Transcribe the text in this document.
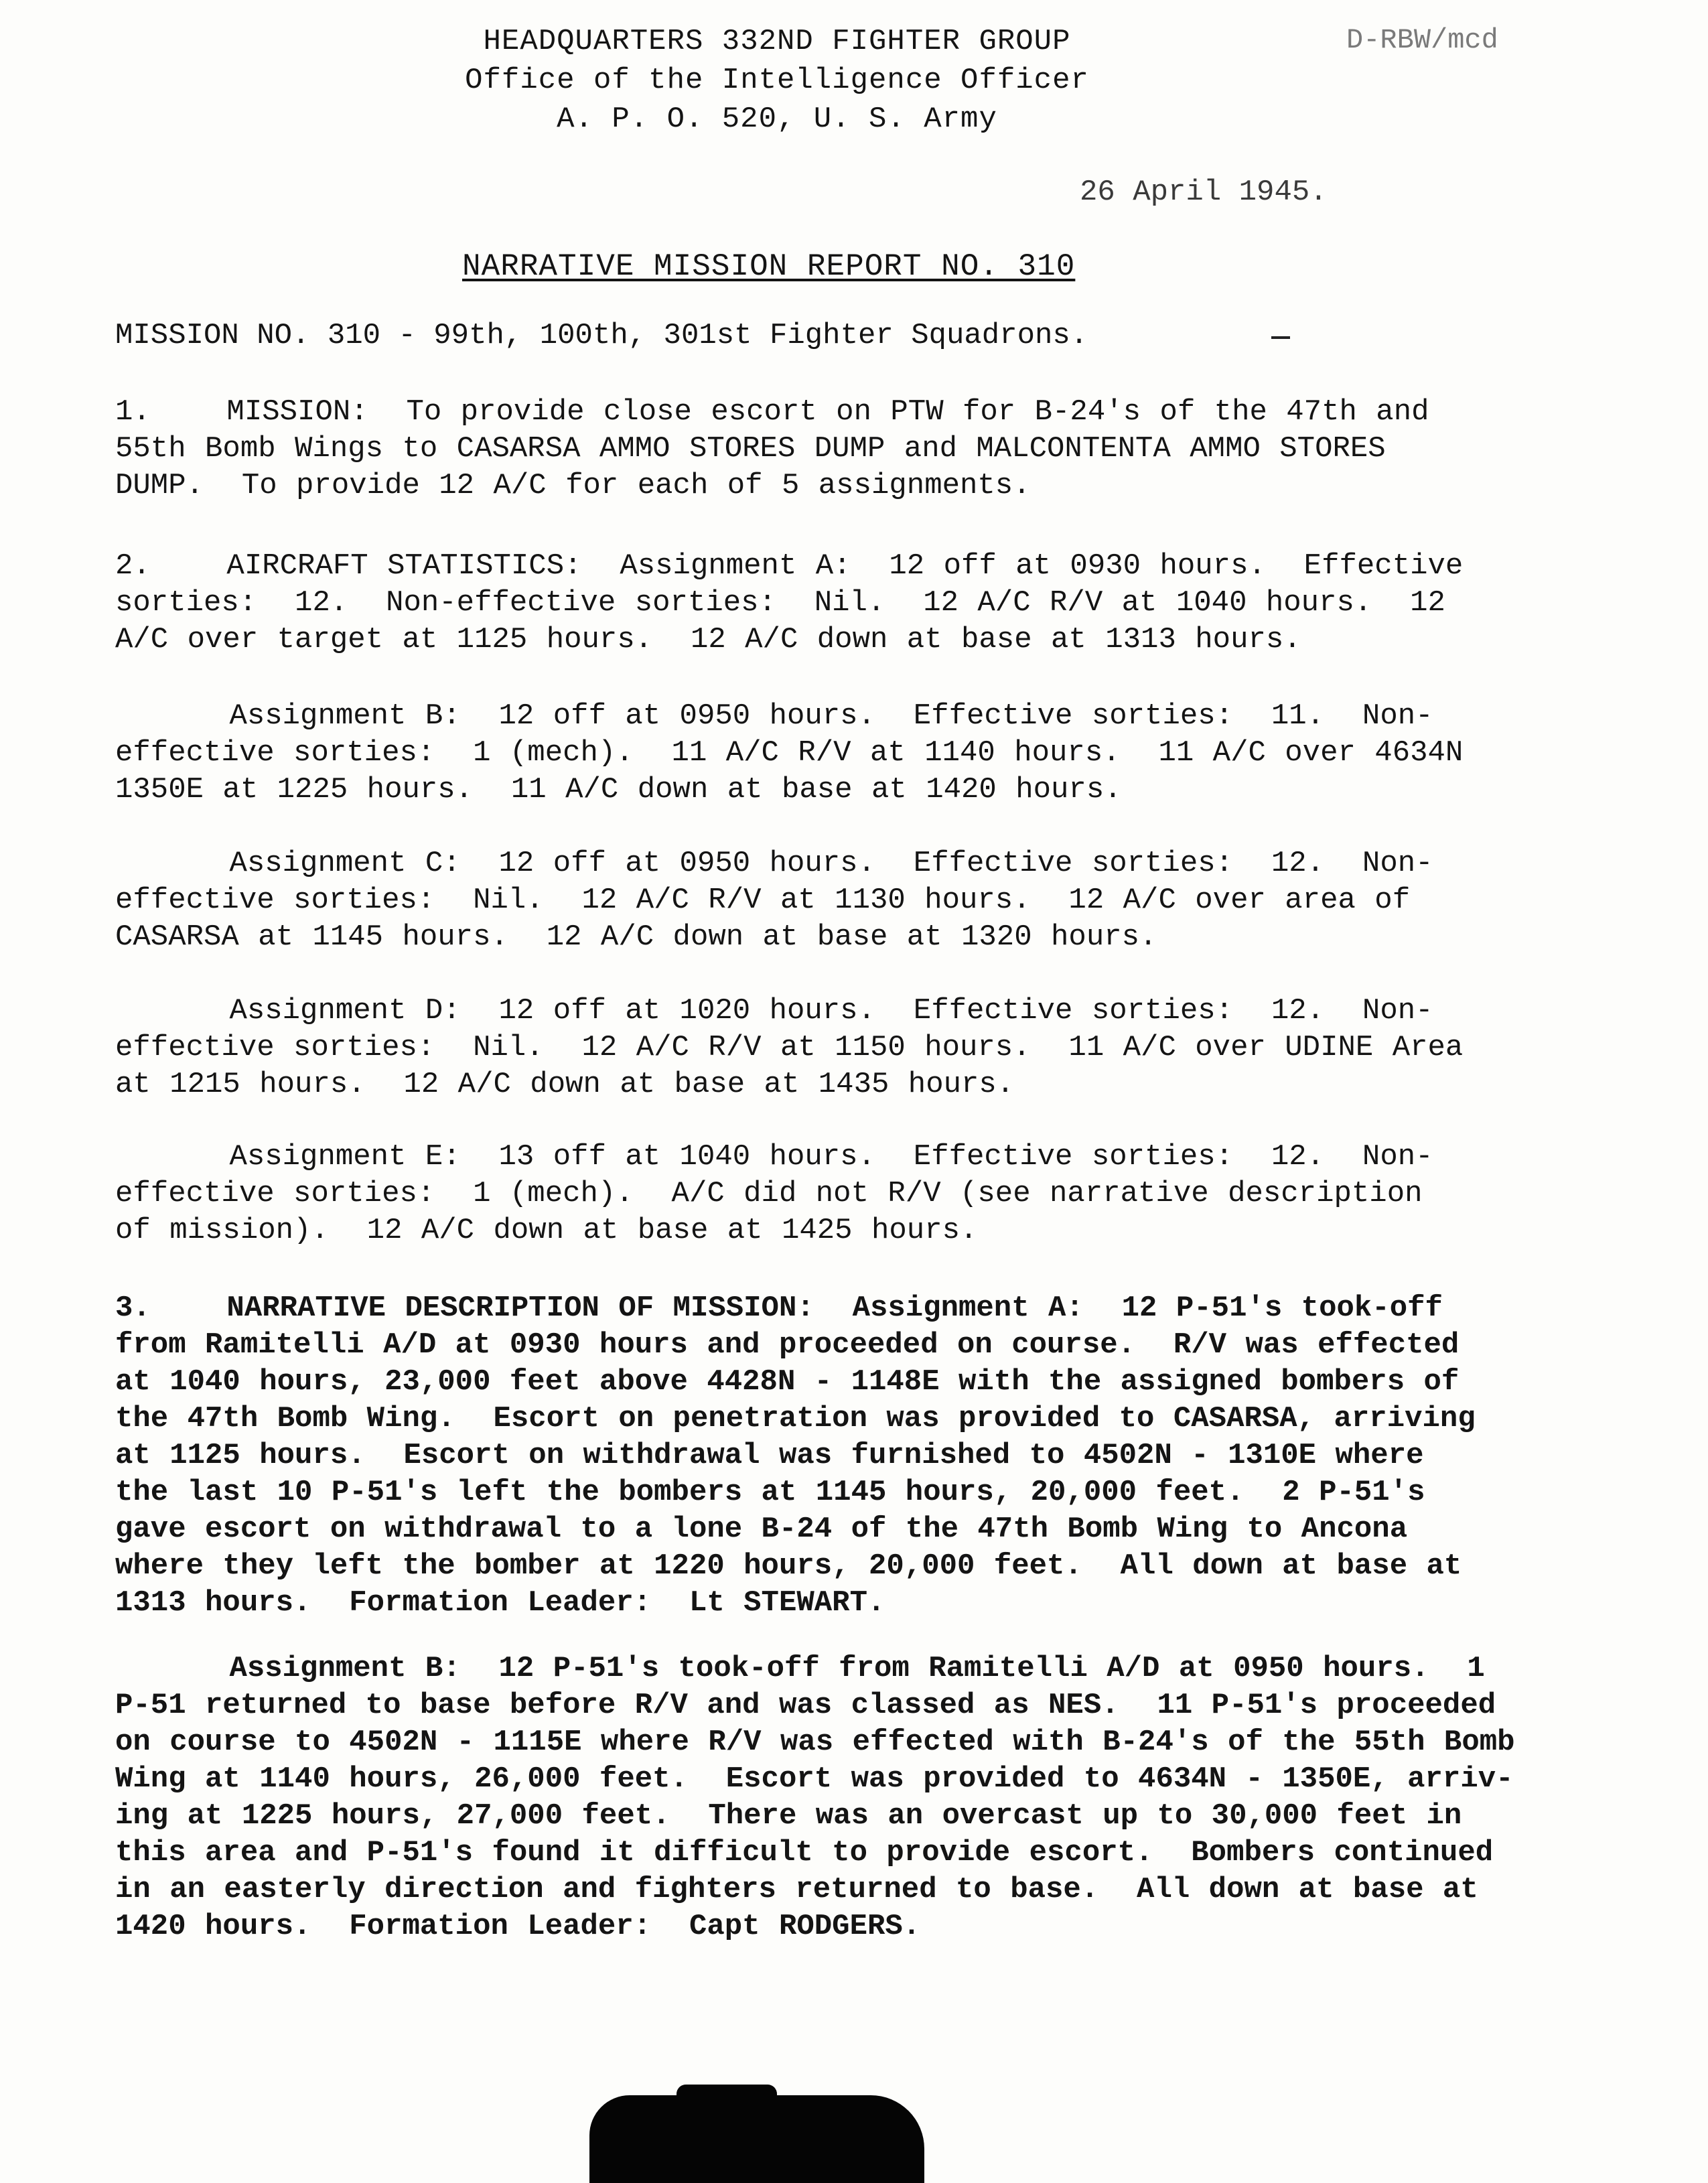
HEADQUARTERS 332ND FIGHTER GROUP
Office of the Intelligence Officer
A. P. O. 520, U. S. Army
D-RBW/mcd
26 April 1945.
NARRATIVE MISSION REPORT NO. 310
MISSION NO. 310 - 99th, 100th, 301st Fighter Squadrons.
1.    MISSION:  To provide close escort on PTW for B-24's of the 47th and
55th Bomb Wings to CASARSA AMMO STORES DUMP and MALCONTENTA AMMO STORES
DUMP.  To provide 12 A/C for each of 5 assignments.
2.    AIRCRAFT STATISTICS:  Assignment A:  12 off at 0930 hours.  Effective
sorties:  12.  Non-effective sorties:  Nil.  12 A/C R/V at 1040 hours.  12
A/C over target at 1125 hours.  12 A/C down at base at 1313 hours.
Assignment B:  12 off at 0950 hours.  Effective sorties:  11.  Non-
effective sorties:  1 (mech).  11 A/C R/V at 1140 hours.  11 A/C over 4634N
1350E at 1225 hours.  11 A/C down at base at 1420 hours.
Assignment C:  12 off at 0950 hours.  Effective sorties:  12.  Non-
effective sorties:  Nil.  12 A/C R/V at 1130 hours.  12 A/C over area of
CASARSA at 1145 hours.  12 A/C down at base at 1320 hours.
Assignment D:  12 off at 1020 hours.  Effective sorties:  12.  Non-
effective sorties:  Nil.  12 A/C R/V at 1150 hours.  11 A/C over UDINE Area
at 1215 hours.  12 A/C down at base at 1435 hours.
Assignment E:  13 off at 1040 hours.  Effective sorties:  12.  Non-
effective sorties:  1 (mech).  A/C did not R/V (see narrative description
of mission).  12 A/C down at base at 1425 hours.
3.    NARRATIVE DESCRIPTION OF MISSION:  Assignment A:  12 P-51's took-off
from Ramitelli A/D at 0930 hours and proceeded on course.  R/V was effected
at 1040 hours, 23,000 feet above 4428N - 1148E with the assigned bombers of
the 47th Bomb Wing.  Escort on penetration was provided to CASARSA, arriving
at 1125 hours.  Escort on withdrawal was furnished to 4502N - 1310E where
the last 10 P-51's left the bombers at 1145 hours, 20,000 feet.  2 P-51's
gave escort on withdrawal to a lone B-24 of the 47th Bomb Wing to Ancona
where they left the bomber at 1220 hours, 20,000 feet.  All down at base at
1313 hours.  Formation Leader:  Lt STEWART.
Assignment B:  12 P-51's took-off from Ramitelli A/D at 0950 hours.  1
P-51 returned to base before R/V and was classed as NES.  11 P-51's proceeded
on course to 4502N - 1115E where R/V was effected with B-24's of the 55th Bomb
Wing at 1140 hours, 26,000 feet.  Escort was provided to 4634N - 1350E, arriv-
ing at 1225 hours, 27,000 feet.  There was an overcast up to 30,000 feet in
this area and P-51's found it difficult to provide escort.  Bombers continued
in an easterly direction and fighters returned to base.  All down at base at
1420 hours.  Formation Leader:  Capt RODGERS.
